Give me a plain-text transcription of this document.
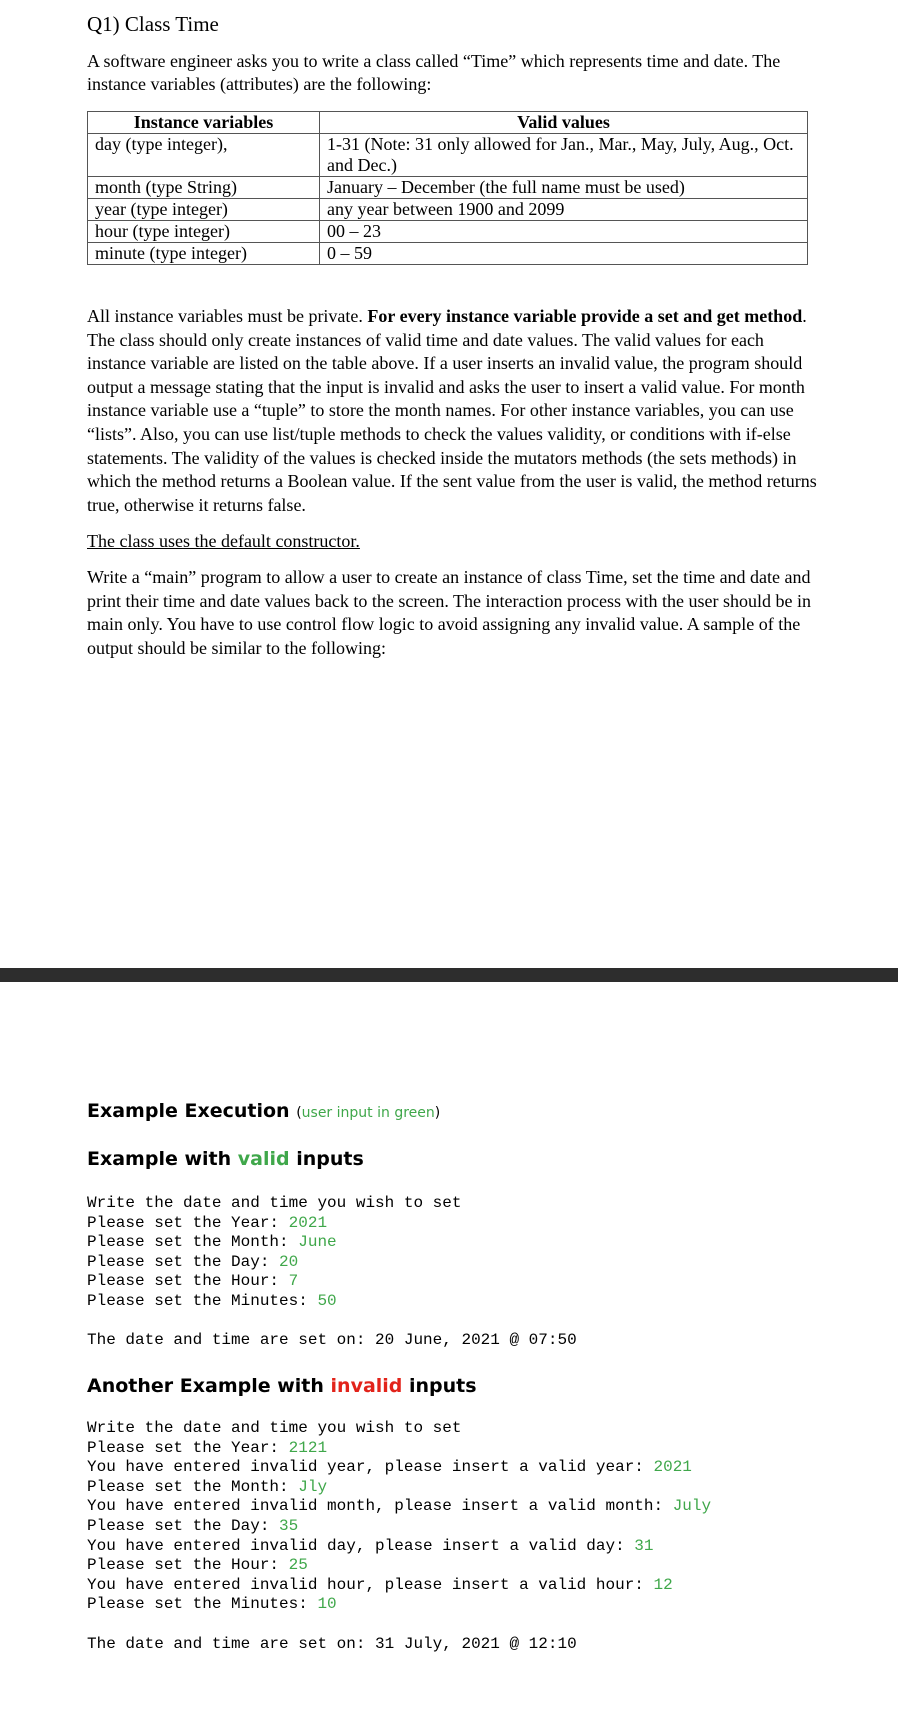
Q1) Class Time

A software engineer asks you to write a class called “Time” which represents time and date. The instance variables (attributes) are the following:

Instance variables	Valid values
day (type integer),	1-31 (Note: 31 only allowed for Jan., Mar., May, July, Aug., Oct. and Dec.)
month (type String)	January – December (the full name must be used)
year (type integer)	any year between 1900 and 2099
hour (type integer)	00 – 23
minute (type integer)	0 – 59

All instance variables must be private. For every instance variable provide a set and get method. The class should only create instances of valid time and date values. The valid values for each instance variable are listed on the table above. If a user inserts an invalid value, the program should output a message stating that the input is invalid and asks the user to insert a valid value. For month instance variable use a “tuple” to store the month names. For other instance variables, you can use “lists”. Also, you can use list/tuple methods to check the values validity, or conditions with if-else statements. The validity of the values is checked inside the mutators methods (the sets methods) in which the method returns a Boolean value. If the sent value from the user is valid, the method returns true, otherwise it returns false.

The class uses the default constructor.

Write a “main” program to allow a user to create an instance of class Time, set the time and date and print their time and date values back to the screen. The interaction process with the user should be in main only. You have to use control flow logic to avoid assigning any invalid value. A sample of the output should be similar to the following:

Example Execution (user input in green)
Example with valid inputs
Write the date and time you wish to set
Please set the Year: 2021
Please set the Month: June
Please set the Day: 20
Please set the Hour: 7
Please set the Minutes: 50
The date and time are set on: 20 June, 2021 @ 07:50
Another Example with invalid inputs
Write the date and time you wish to set
Please set the Year: 2121
You have entered invalid year, please insert a valid year: 2021
Please set the Month: Jly
You have entered invalid month, please insert a valid month: July
Please set the Day: 35
You have entered invalid day, please insert a valid day: 31
Please set the Hour: 25
You have entered invalid hour, please insert a valid hour: 12
Please set the Minutes: 10
The date and time are set on: 31 July, 2021 @ 12:10
